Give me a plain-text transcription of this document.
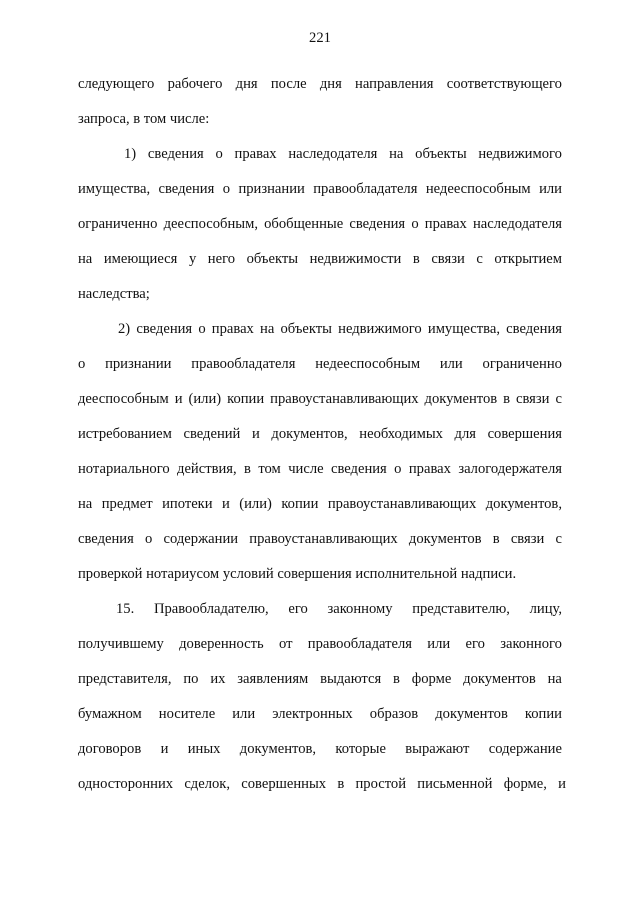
221
следующего рабочего дня после дня направления соответствующего
запроса, в том числе:
1) сведения о правах наследодателя на объекты недвижимого
имущества, сведения о признании правообладателя недееспособным или
ограниченно дееспособным, обобщенные сведения о правах наследодателя
на имеющиеся у него объекты недвижимости в связи с открытием
наследства;
2) сведения о правах на объекты недвижимого имущества, сведения
о признании правообладателя недееспособным или ограниченно
дееспособным и (или) копии правоустанавливающих документов в связи с
истребованием сведений и документов, необходимых для совершения
нотариального действия, в том числе сведения о правах залогодержателя
на предмет ипотеки и (или) копии правоустанавливающих документов,
сведения о содержании правоустанавливающих документов в связи с
проверкой нотариусом условий совершения исполнительной надписи.
15. Правообладателю, его законному представителю, лицу,
получившему доверенность от правообладателя или его законного
представителя, по их заявлениям выдаются в форме документов на
бумажном носителе или электронных образов документов копии
договоров и иных документов, которые выражают содержание
односторонних сделок, совершенных в простой письменной форме, и
